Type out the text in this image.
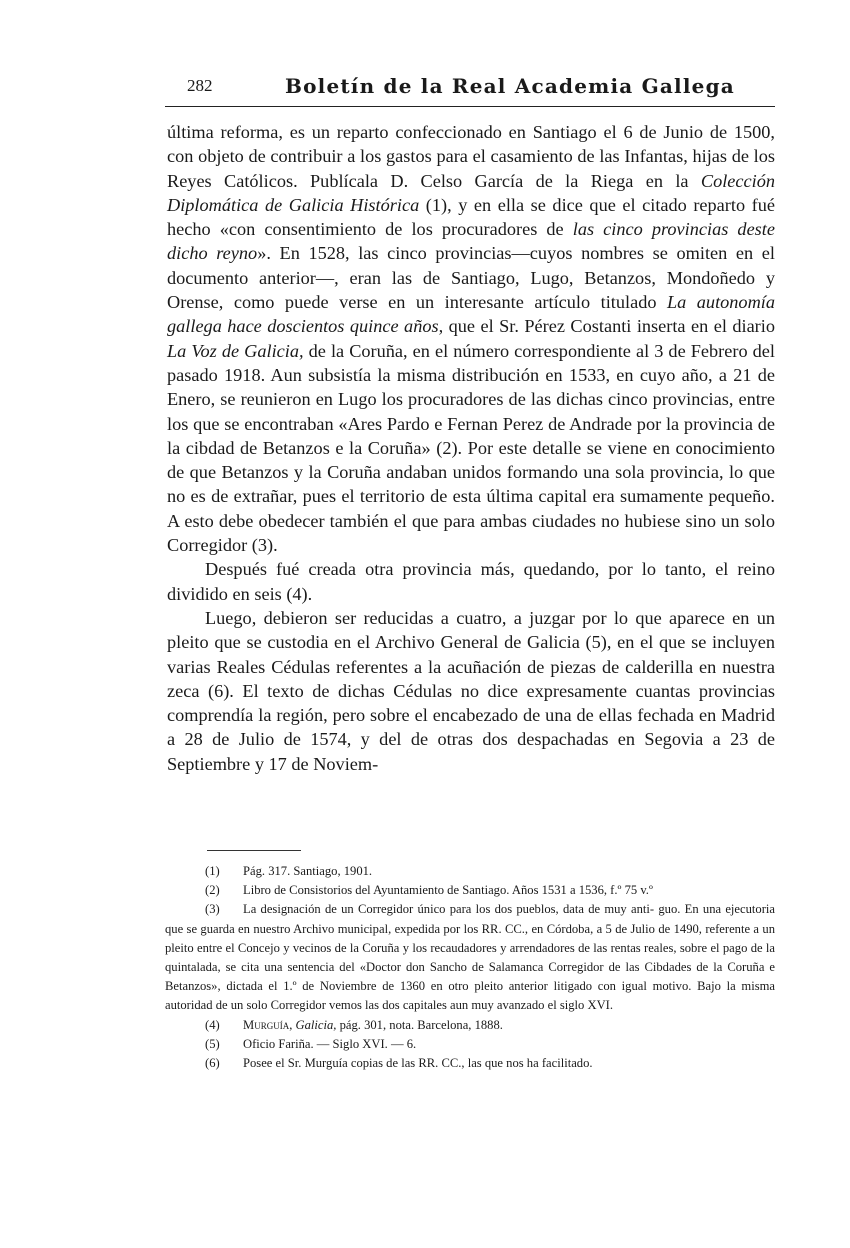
282	Boletín de la Real Academia Gallega

última reforma, es un reparto confeccionado en Santiago el 6 de Junio de 1500, con objeto de contribuir a los gastos para el casamiento de las Infantas, hijas de los Reyes Católicos. Publícala D. Celso García de la Riega en la Colección Diplomática de Galicia Histórica (1), y en ella se dice que el citado reparto fué hecho «con consentimiento de los procuradores de las cinco provincias deste dicho reyno». En 1528, las cinco provincias—cuyos nombres se omiten en el documento anterior—, eran las de Santiago, Lugo, Betanzos, Mondoñedo y Orense, como puede verse en un interesante artículo titulado La autonomía gallega hace doscientos quince años, que el Sr. Pérez Costanti inserta en el diario La Voz de Galicia, de la Coruña, en el número correspondiente al 3 de Febrero del pasado 1918. Aun subsistía la misma distribución en 1533, en cuyo año, a 21 de Enero, se reunieron en Lugo los procuradores de las dichas cinco provincias, entre los que se encontraban «Ares Pardo e Fernan Perez de Andrade por la provincia de la cibdad de Betanzos e la Coruña» (2). Por este detalle se viene en conocimiento de que Betanzos y la Coruña andaban unidos formando una sola provincia, lo que no es de extrañar, pues el territorio de esta última capital era sumamente pequeño. A esto debe obedecer también el que para ambas ciudades no hubiese sino un solo Corregidor (3).

Después fué creada otra provincia más, quedando, por lo tanto, el reino dividido en seis (4).

Luego, debieron ser reducidas a cuatro, a juzgar por lo que aparece en un pleito que se custodia en el Archivo General de Galicia (5), en el que se incluyen varias Reales Cédulas referentes a la acuñación de piezas de calderilla en nuestra zeca (6). El texto de dichas Cédulas no dice expresamente cuantas provincias comprendía la región, pero sobre el encabezado de una de ellas fechada en Madrid a 28 de Julio de 1574, y del de otras dos despachadas en Segovia a 23 de Septiembre y 17 de Noviem-

(1) Pág. 317. Santiago, 1901.
(2) Libro de Consistorios del Ayuntamiento de Santiago. Años 1531 a 1536, f.º 75 v.º
(3) La designación de un Corregidor único para los dos pueblos, data de muy anti- guo. En una ejecutoria que se guarda en nuestro Archivo municipal, expedida por los RR. CC., en Córdoba, a 5 de Julio de 1490, referente a un pleito entre el Concejo y vecinos de la Coruña y los recaudadores y arrendadores de las rentas reales, sobre el pago de la quintalada, se cita una sentencia del «Doctor don Sancho de Salamanca Corregidor de las Cibdades de la Coruña e Betanzos», dictada el 1.º de Noviembre de 1360 en otro pleito anterior litigado con igual motivo. Bajo la misma autoridad de un solo Corregidor vemos las dos capitales aun muy avanzado el siglo XVI.
(4) Murguía, Galicia, pág. 301, nota. Barcelona, 1888.
(5) Oficio Fariña. — Siglo XVI. — 6.
(6) Posee el Sr. Murguía copias de las RR. CC., las que nos ha facilitado.
